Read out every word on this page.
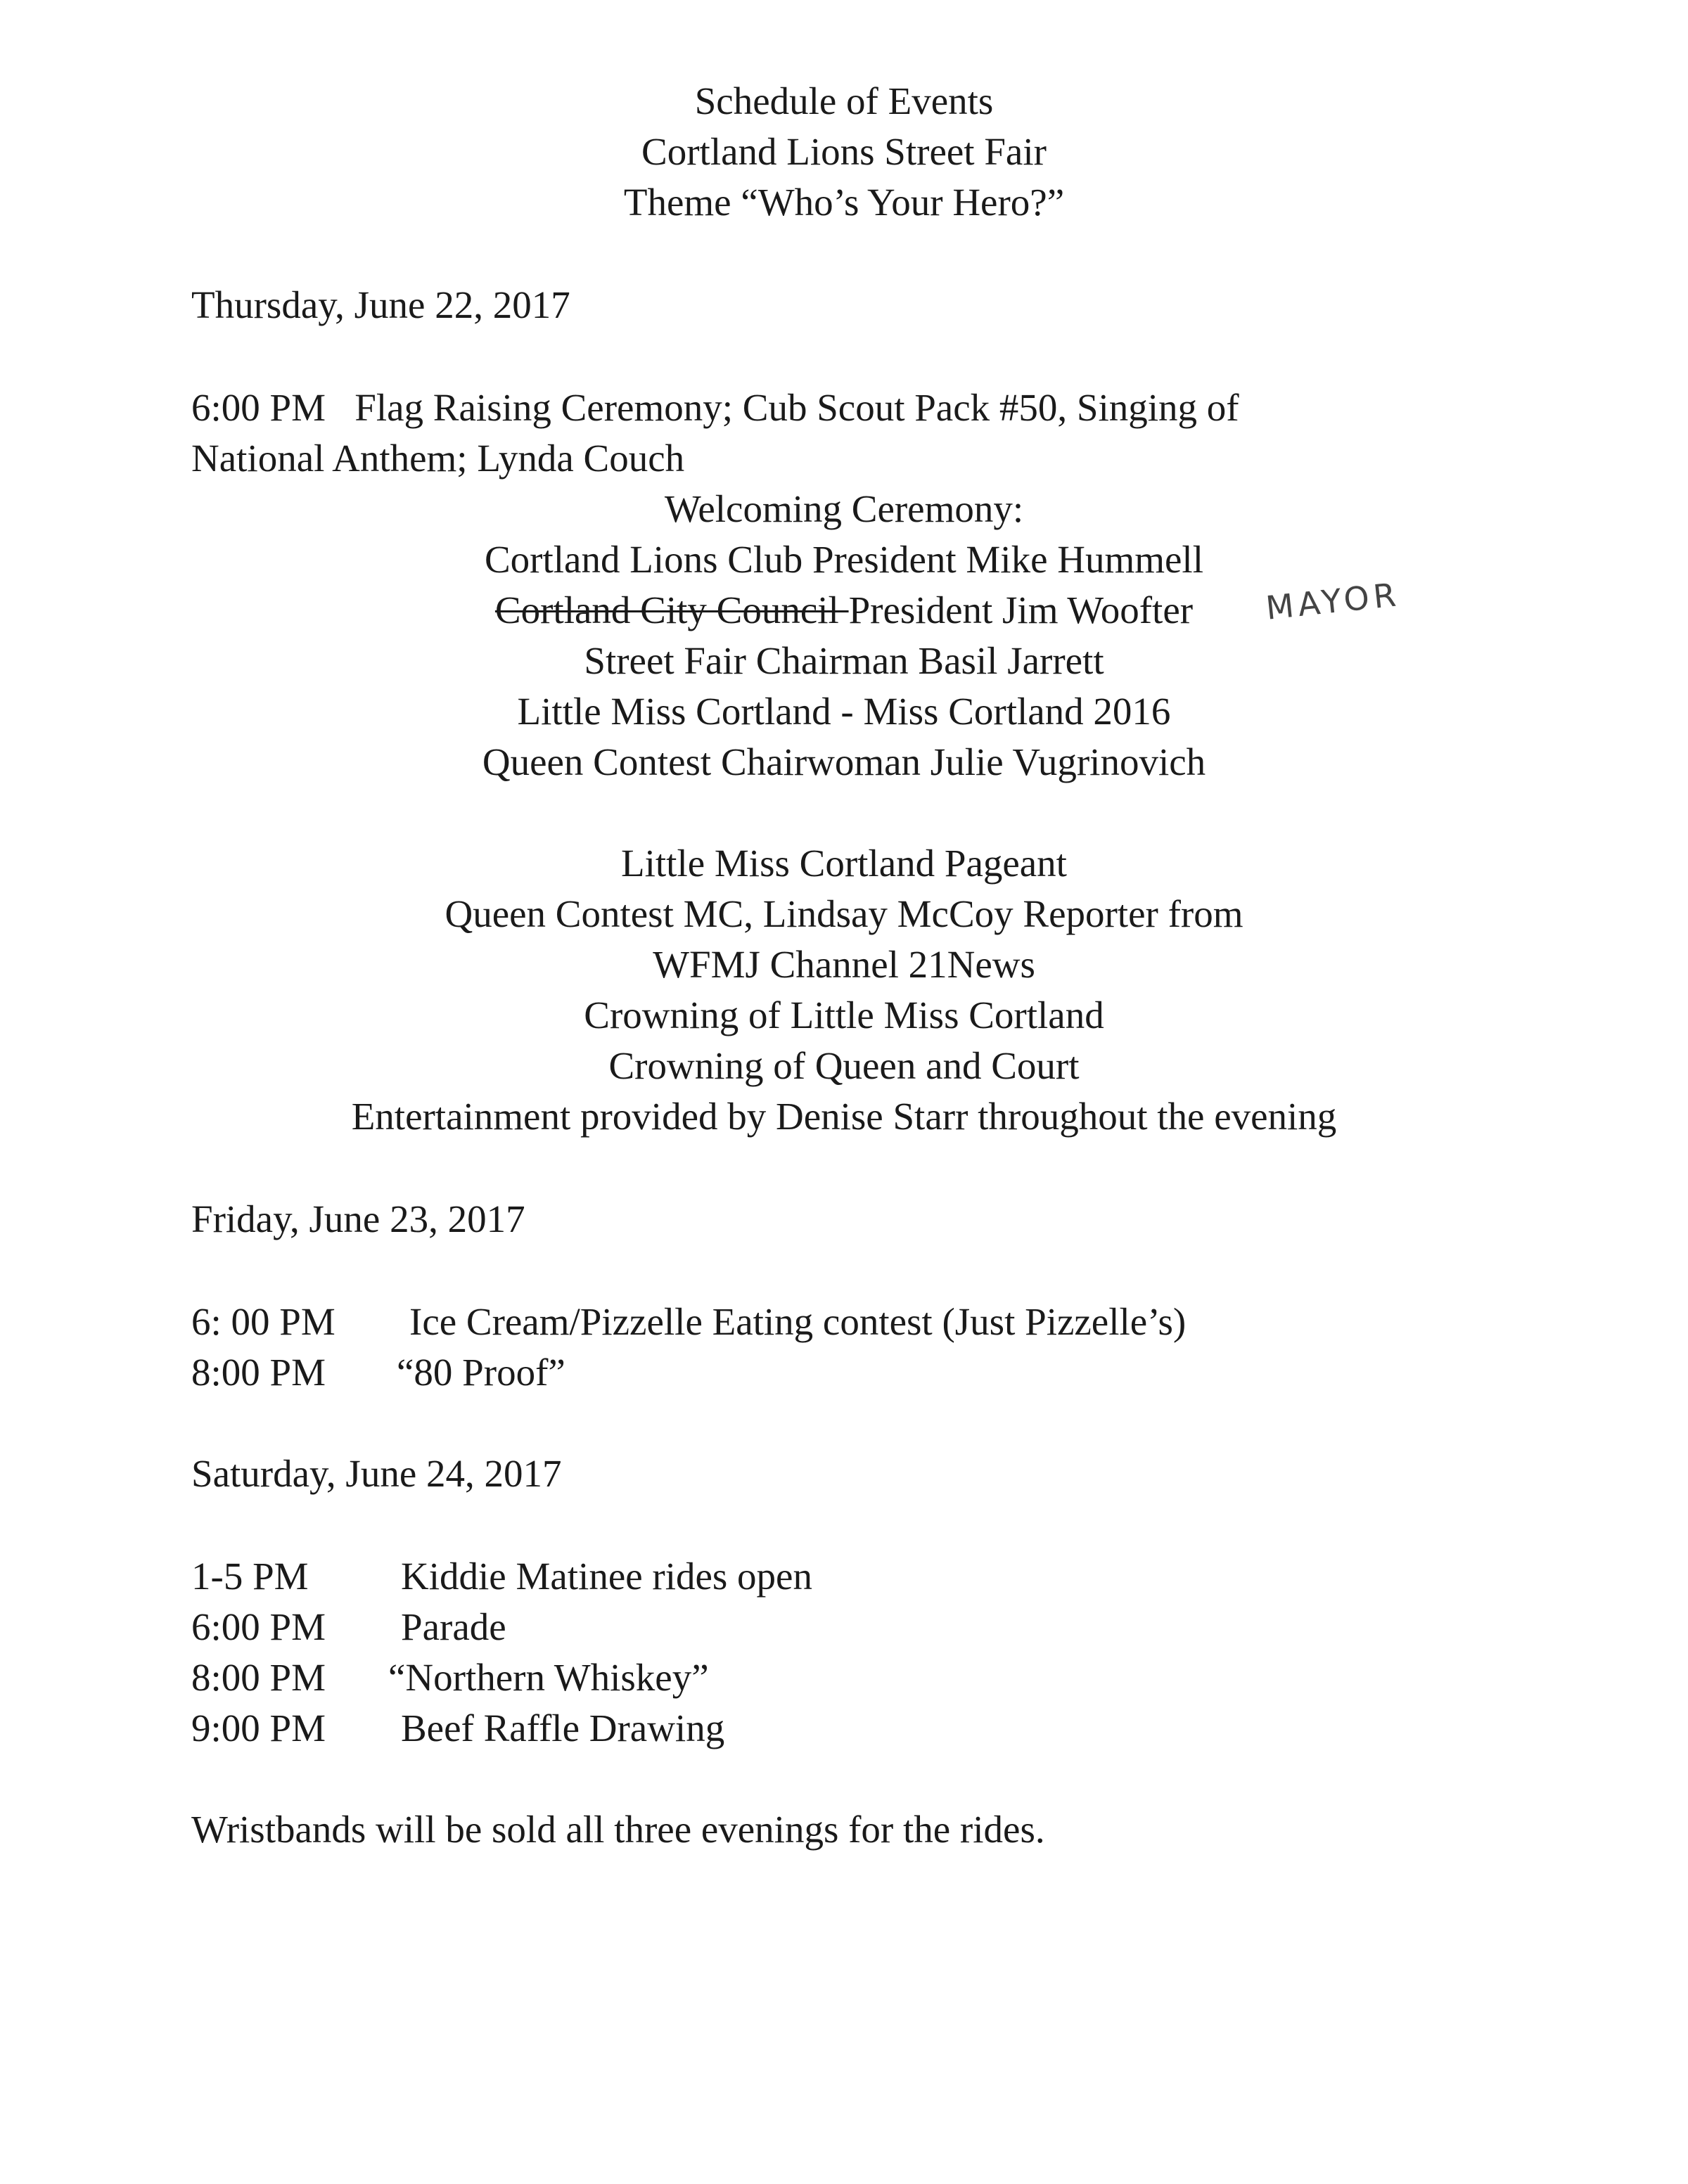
Schedule of Events

Cortland Lions Street Fair

Theme “Who’s Your Hero?”

Thursday, June 22, 2017

6:00 PM Flag Raising Ceremony; Cub Scout Pack #50, Singing of

National Anthem; Lynda Couch

Welcoming Ceremony:

Cortland Lions Club President Mike Hummell

Cortland City Council President Jim Woofter	MAYOR

Street Fair Chairman Basil Jarrett

Little Miss Cortland - Miss Cortland 2016

Queen Contest Chairwoman Julie Vugrinovich

Little Miss Cortland Pageant

Queen Contest MC, Lindsay McCoy Reporter from

WFMJ Channel 21News

Crowning of Little Miss Cortland

Crowning of Queen and Court

Entertainment provided by Denise Starr throughout the evening

Friday, June 23, 2017

6: 00 PM Ice Cream/Pizzelle Eating contest (Just Pizzelle’s)
8:00 PM “80 Proof”

Saturday, June 24, 2017

1-5 PM Kiddie Matinee rides open
6:00 PM Parade
8:00 PM “Northern Whiskey”
9:00 PM Beef Raffle Drawing

Wristbands will be sold all three evenings for the rides.
